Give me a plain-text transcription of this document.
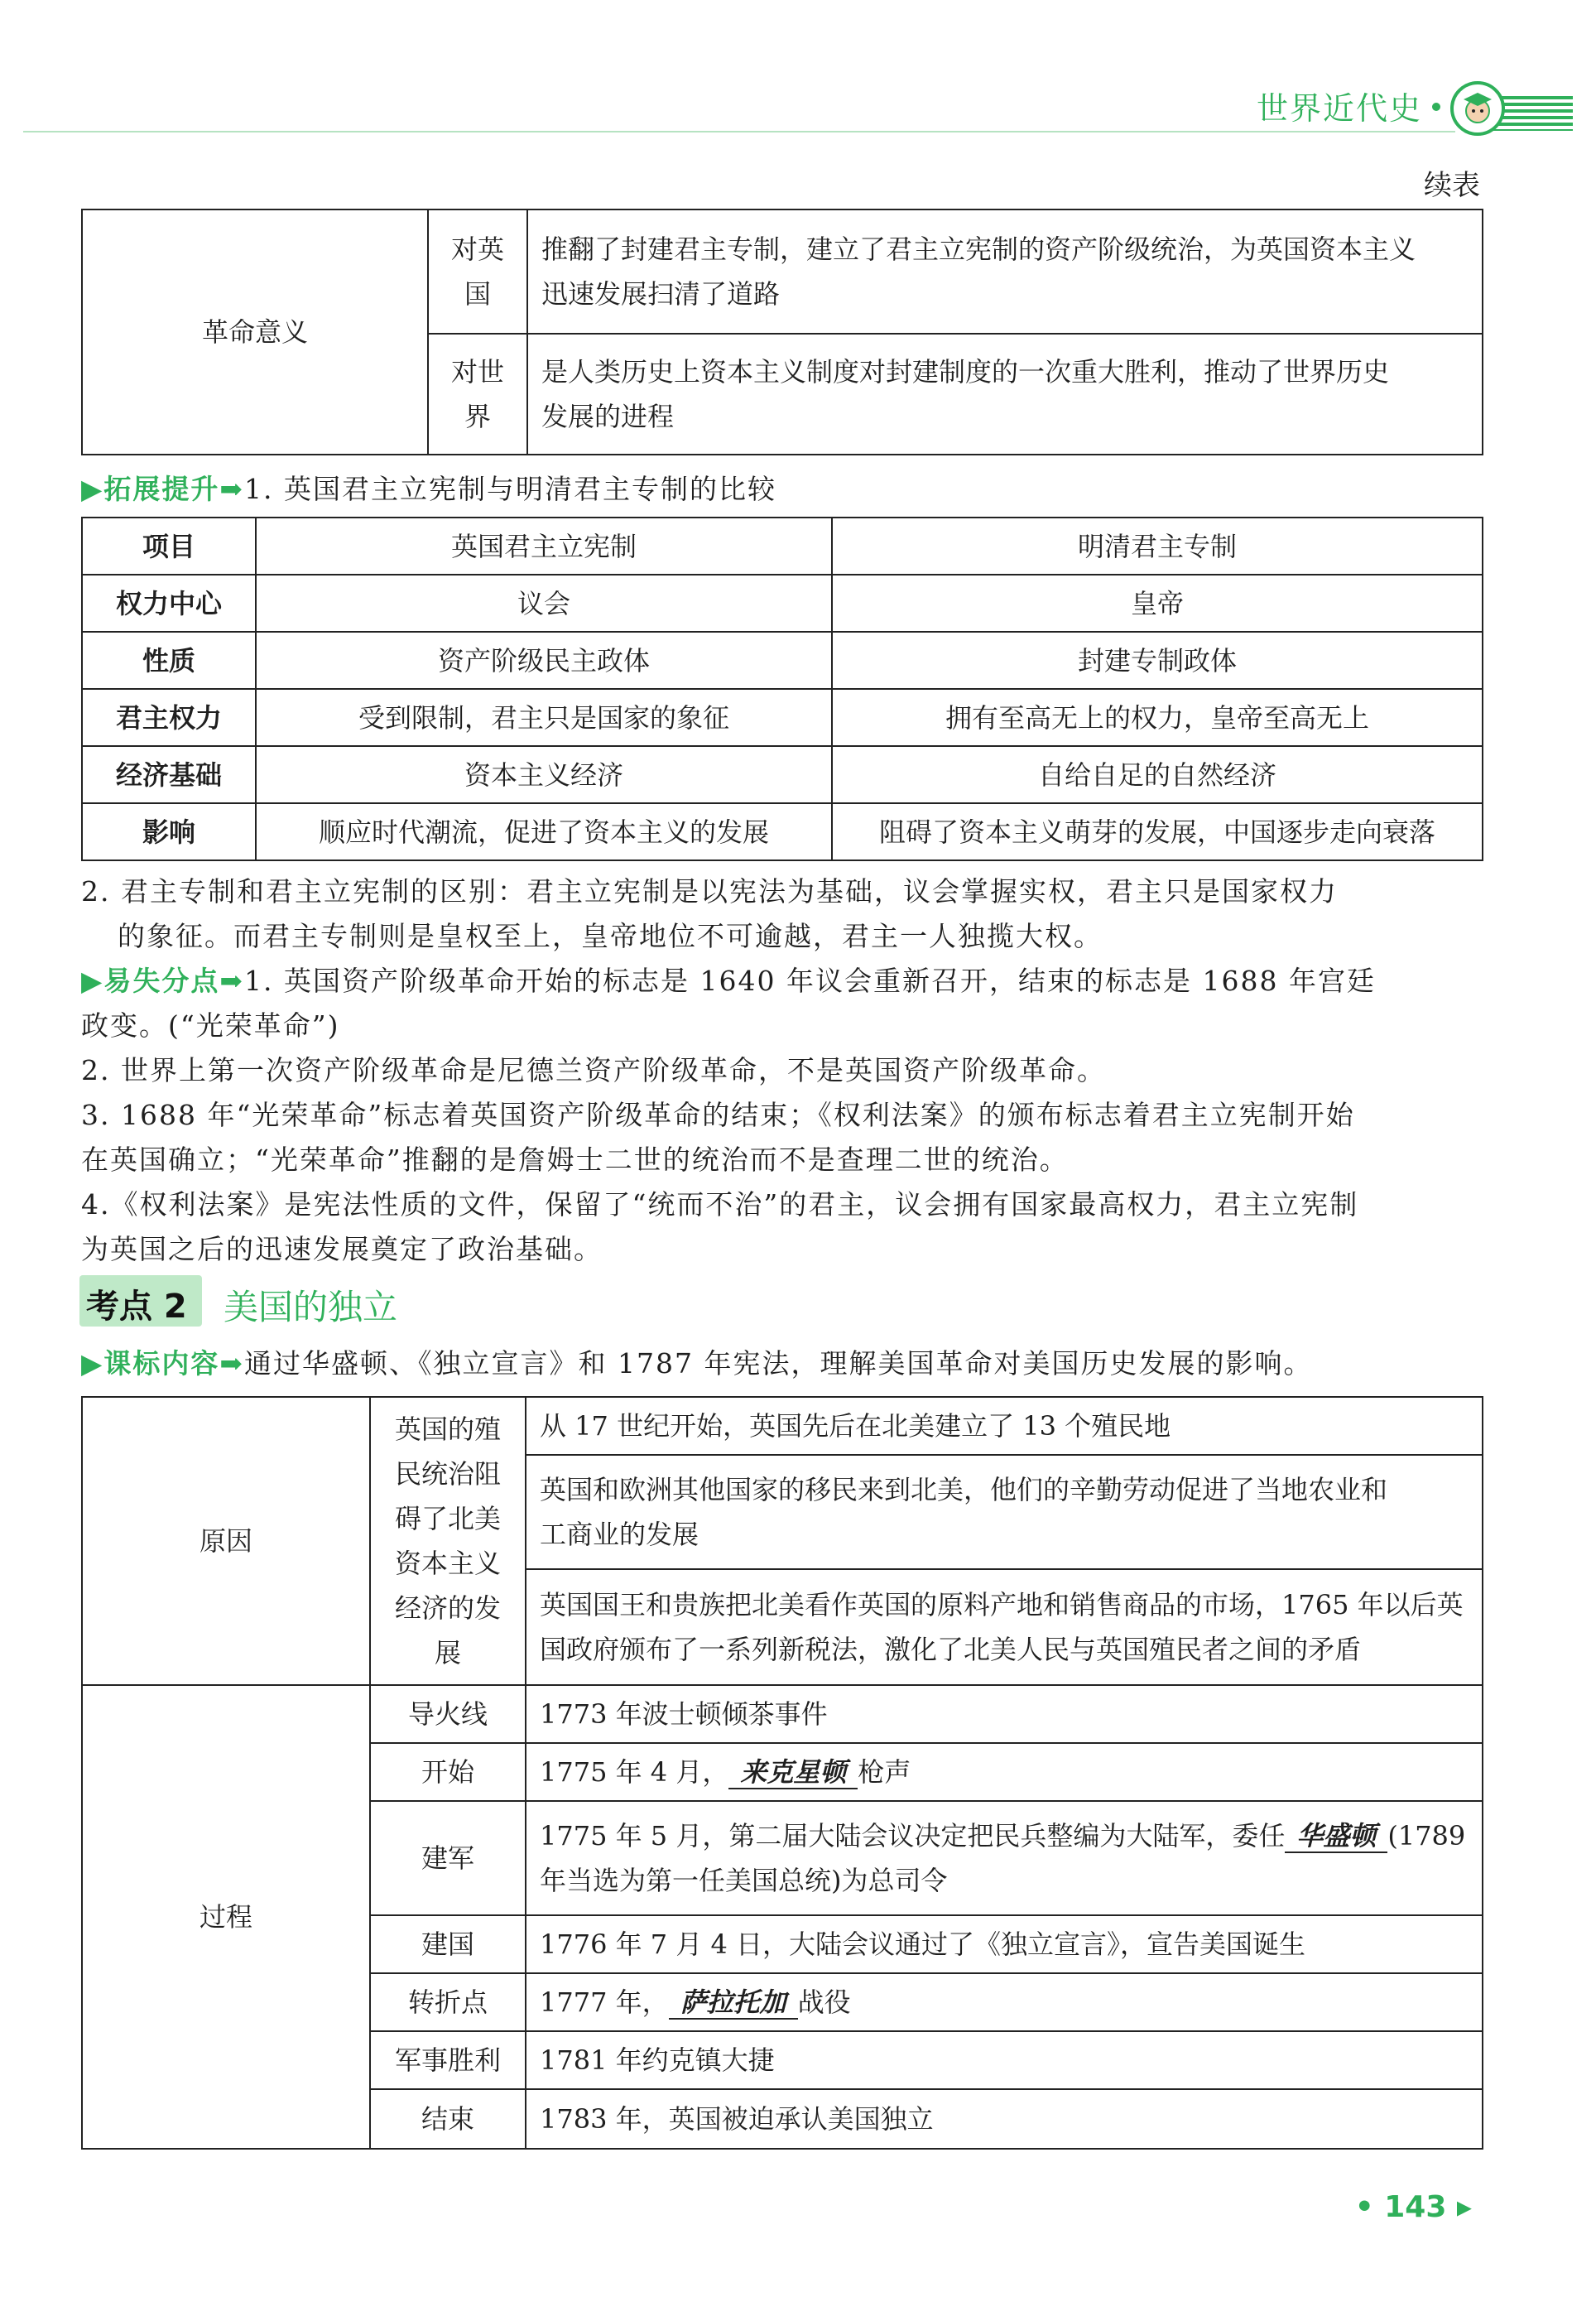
世界近代史
续表
革命意义	对英国	推翻了封建君主专制，建立了君主立宪制的资产阶级统治，为英国资本主义
迅速发展扫清了道路
	对世界	是人类历史上资本主义制度对封建制度的一次重大胜利，推动了世界历史
发展的进程
▶拓展提升➡1. 英国君主立宪制与明清君主专制的比较
项目	英国君主立宪制	明清君主专制
权力中心	议会	皇帝
性质	资产阶级民主政体	封建专制政体
君主权力	受到限制，君主只是国家的象征	拥有至高无上的权力，皇帝至高无上
经济基础	资本主义经济	自给自足的自然经济
影响	顺应时代潮流，促进了资本主义的发展	阻碍了资本主义萌芽的发展，中国逐步走向衰落
2. 君主专制和君主立宪制的区别：君主立宪制是以宪法为基础，议会掌握实权，君主只是国家权力
的象征。而君主专制则是皇权至上，皇帝地位不可逾越，君主一人独揽大权。
▶易失分点➡1. 英国资产阶级革命开始的标志是 1640 年议会重新召开，结束的标志是 1688 年宫廷
政变。(“光荣革命”)
2. 世界上第一次资产阶级革命是尼德兰资产阶级革命，不是英国资产阶级革命。
3. 1688 年“光荣革命”标志着英国资产阶级革命的结束；《权利法案》的颁布标志着君主立宪制开始
在英国确立；“光荣革命”推翻的是詹姆士二世的统治而不是查理二世的统治。
4.《权利法案》是宪法性质的文件，保留了“统而不治”的君主，议会拥有国家最高权力，君主立宪制
为英国之后的迅速发展奠定了政治基础。
考点 2 美国的独立
▶课标内容➡通过华盛顿、《独立宣言》和 1787 年宪法，理解美国革命对美国历史发展的影响。
原因	英国的殖
民统治阻
碍了北美
资本主义
经济的发展	从 17 世纪开始，英国先后在北美建立了 13 个殖民地
		英国和欧洲其他国家的移民来到北美，他们的辛勤劳动促进了当地农业和
工商业的发展
		英国国王和贵族把北美看作英国的原料产地和销售商品的市场，1765 年以后英
国政府颁布了一系列新税法，激化了北美人民与英国殖民者之间的矛盾
过程	导火线	1773 年波士顿倾茶事件
	开始	1775 年 4 月， 来克星顿 枪声
	建军	1775 年 5 月，第二届大陆会议决定把民兵整编为大陆军，委任 华盛顿 (1789
年当选为第一任美国总统)为总司令
	建国	1776 年 7 月 4 日，大陆会议通过了《独立宣言》，宣告美国诞生
	转折点	1777 年， 萨拉托加 战役
	军事胜利	1781 年约克镇大捷
	结束	1783 年，英国被迫承认美国独立
• 143 ▸
